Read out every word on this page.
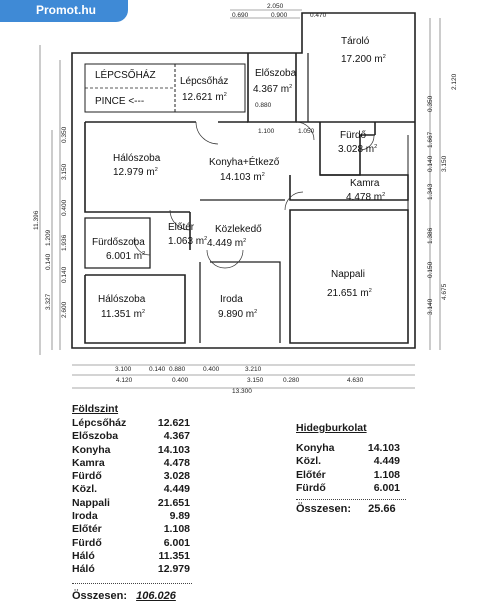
Promot.hu
LÉPCSŐHÁZ
PINCE <---
Lépcsőház
12.621 $m^2$
Előszoba
4.367 $m^2$
Tároló
17.200 $m^2$
Hálószoba
12.979 $m^2$
Konyha+Étkező
14.103 $m^2$
Fürdő
3.028 $m^2$
Kamra
4.478 $m^2$
Előtér
1.063 $m^2$
Közlekedő
4.449 $m^2$
Fürdőszoba
6.001 $m^2$
Nappali
21.651 $m^2$
Hálószoba
11.351 $m^2$
Iroda
9.890 $m^2$
2.050
0.690	0.900	0.470
1.100	1.050
0.880
11.396
0.350
3.150
0.400
1.209 1.936
0.140
3.327
0.140
2.600
2.120
0.350
1.667
0.140
1.343
3.150
1.386
0.150
4.675
3.140
3.100	0.140 0.880	0.400	3.210
4.120	0.400	3.150	0.280	4.630
13.300
Földszint
Lépcsőház	12.621
Előszoba	4.367
Konyha	14.103
Kamra	4.478
Fürdő	3.028
Közl.	4.449
Nappali	21.651
Iroda	9.89
Előtér	1.108
Fürdő	6.001
Háló	11.351
Háló	12.979
Összesen: 106.026
Hidegburkolat
Konyha	14.103
Közl.	4.449
Előtér	1.108
Fürdő	6.001
Összesen: 25.66
